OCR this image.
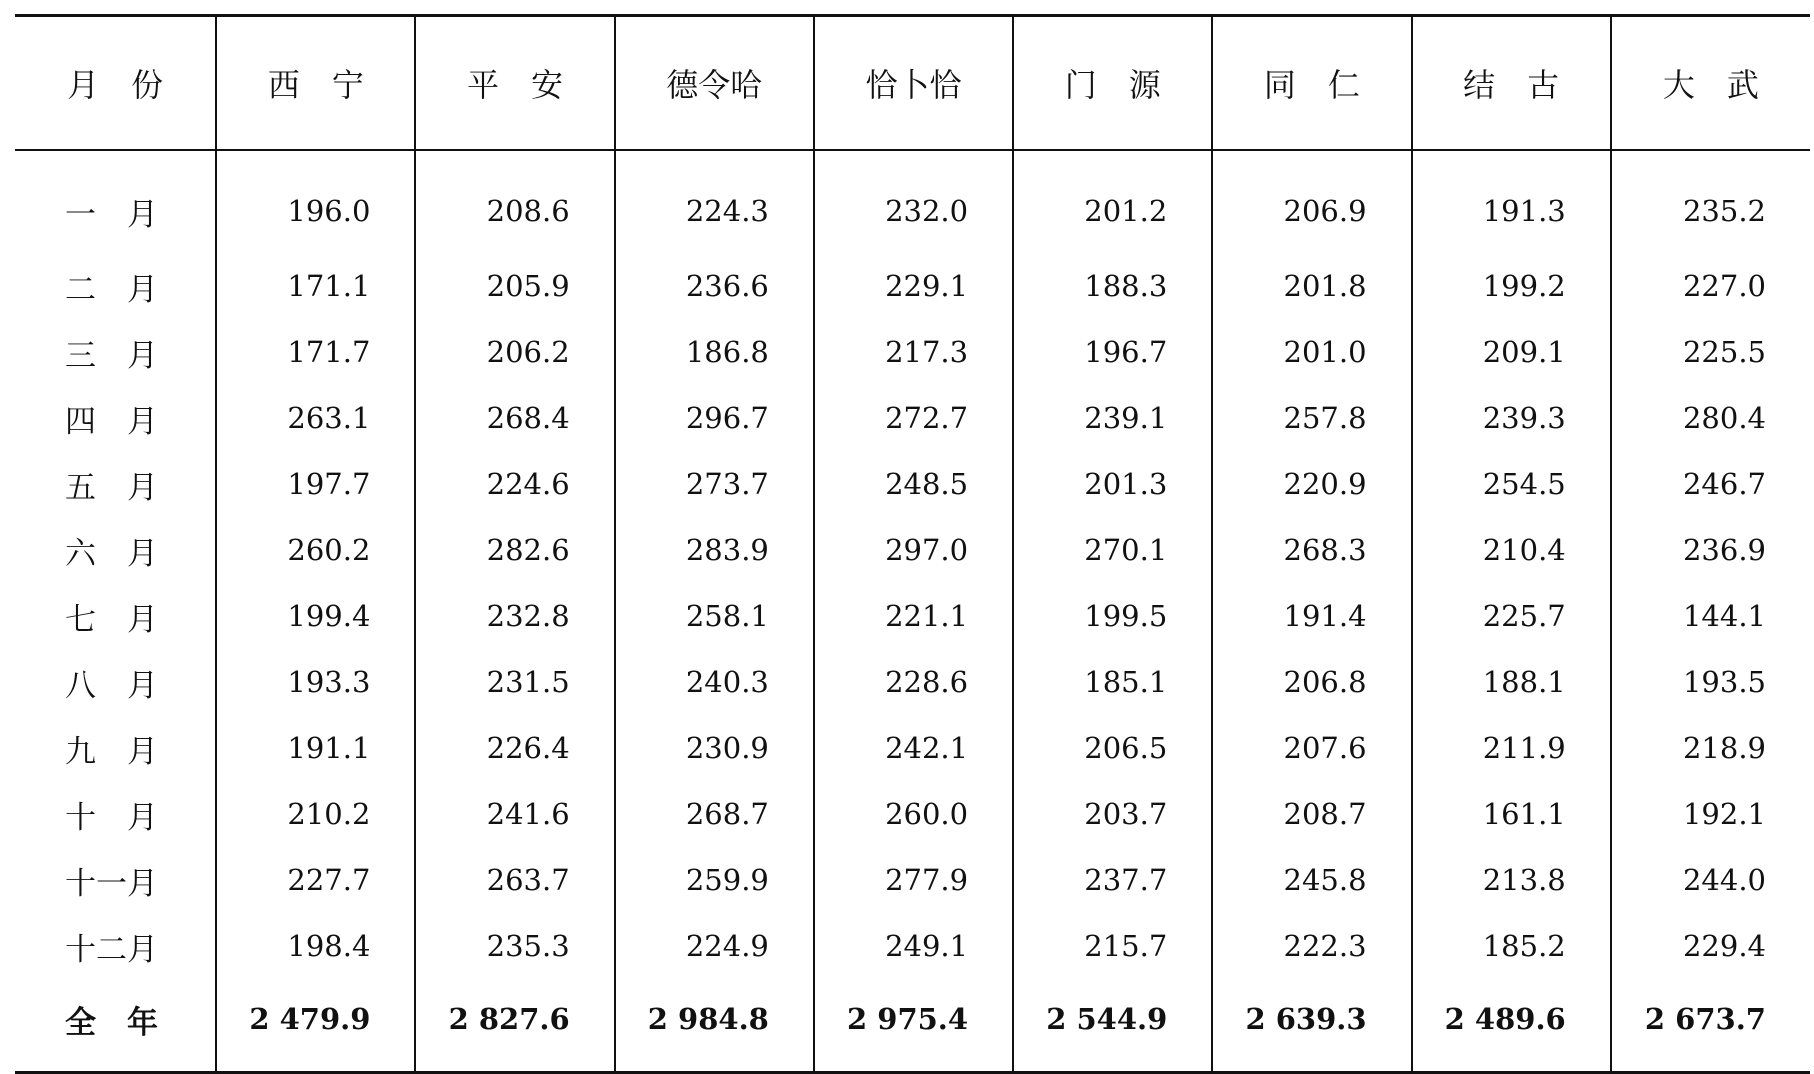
月　份	西　宁	平　安	德令哈	恰卜恰	门　源	同　仁	结　古	大　武
一　月	196.0	208.6	224.3	232.0	201.2	206.9	191.3	235.2
二　月	171.1	205.9	236.6	229.1	188.3	201.8	199.2	227.0
三　月	171.7	206.2	186.8	217.3	196.7	201.0	209.1	225.5
四　月	263.1	268.4	296.7	272.7	239.1	257.8	239.3	280.4
五　月	197.7	224.6	273.7	248.5	201.3	220.9	254.5	246.7
六　月	260.2	282.6	283.9	297.0	270.1	268.3	210.4	236.9
七　月	199.4	232.8	258.1	221.1	199.5	191.4	225.7	144.1
八　月	193.3	231.5	240.3	228.6	185.1	206.8	188.1	193.5
九　月	191.1	226.4	230.9	242.1	206.5	207.6	211.9	218.9
十　月	210.2	241.6	268.7	260.0	203.7	208.7	161.1	192.1
十一月	227.7	263.7	259.9	277.9	237.7	245.8	213.8	244.0
十二月	198.4	235.3	224.9	249.1	215.7	222.3	185.2	229.4
全　年	2 479.9	2 827.6	2 984.8	2 975.4	2 544.9	2 639.3	2 489.6	2 673.7
